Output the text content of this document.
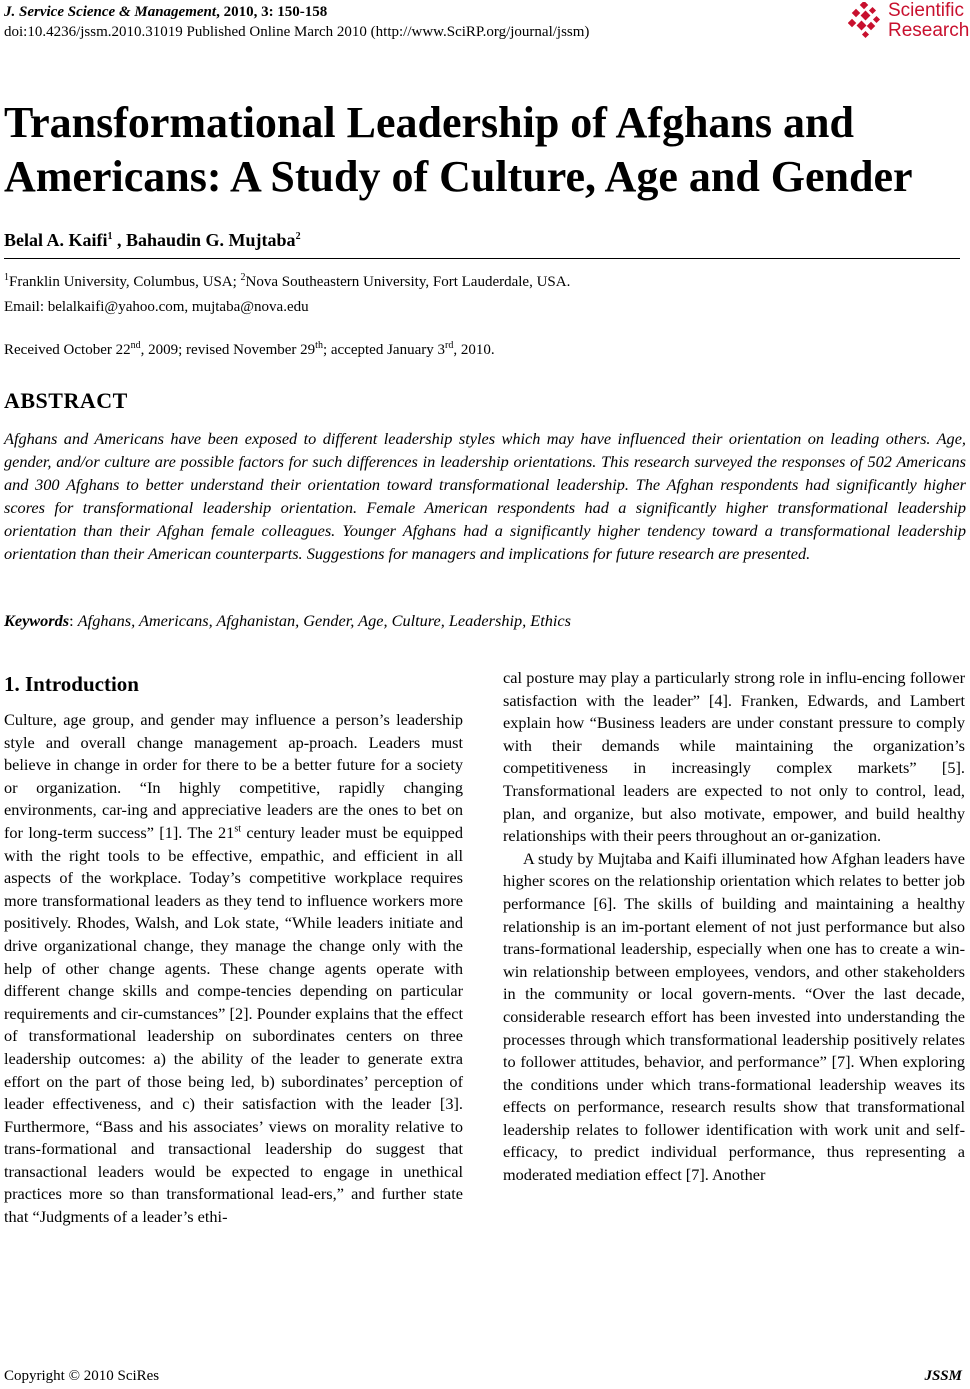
J. Service Science & Management, 2010, 3: 150-158
doi:10.4236/jssm.2010.31019 Published Online March 2010 (http://www.SciRP.org/journal/jssm)
Scientific
Research
Transformational Leadership of Afghans and Americans: A Study of Culture, Age and Gender
Belal A. Kaifi$^1$ , Bahaudin G. Mujtaba$^2$
$^1$Franklin University, Columbus, USA; $^2$Nova Southeastern University, Fort Lauderdale, USA.
Email: belalkaifi@yahoo.com, mujtaba@nova.edu
Received October 22nd, 2009; revised November 29th; accepted January 3rd, 2010.
ABSTRACT
Afghans and Americans have been exposed to different leadership styles which may have influenced their orientation on leading others. Age, gender, and/or culture are possible factors for such differences in leadership orientations. This research surveyed the responses of 502 Americans and 300 Afghans to better understand their orientation toward transformational leadership. The Afghan respondents had significantly higher scores for transformational leadership orientation. Female American respondents had a significantly higher transformational leadership orientation than their Afghan female colleagues. Younger Afghans had a significantly higher tendency toward a transformational leadership orientation than their American counterparts. Suggestions for managers and implications for future research are presented.
Keywords: Afghans, Americans, Afghanistan, Gender, Age, Culture, Leadership, Ethics
1. Introduction

Culture, age group, and gender may influence a person’s leadership style and overall change management ap-proach. Leaders must believe in change in order for there to be a better future for a society or organization. “In highly competitive, rapidly changing environments, car-ing and appreciative leaders are the ones to bet on for long-term success” [1]. The 21st century leader must be equipped with the right tools to be effective, empathic, and efficient in all aspects of the workplace. Today’s competitive workplace requires more transformational leaders as they tend to influence workers more positively. Rhodes, Walsh, and Lok state, “While leaders initiate and drive organizational change, they manage the change only with the help of other change agents. These change agents operate with different change skills and compe-tencies depending on particular requirements and cir-cumstances” [2]. Pounder explains that the effect of transformational leadership on subordinates centers on three leadership outcomes: a) the ability of the leader to generate extra effort on the part of those being led, b) subordinates’ perception of leader effectiveness, and c) their satisfaction with the leader [3]. Furthermore, “Bass and his associates’ views on morality relative to trans-formational and transactional leadership do suggest that transactional leaders would be expected to engage in unethical practices more so than transformational lead-ers,” and further state that “Judgments of a leader’s ethi-

cal posture may play a particularly strong role in influ-encing follower satisfaction with the leader” [4]. Franken, Edwards, and Lambert explain how “Business leaders are under constant pressure to comply with their demands while maintaining the organization’s competitiveness in increasingly complex markets” [5]. Transformational leaders are expected to not only to control, lead, plan, and organize, but also motivate, empower, and build healthy relationships with their peers throughout an or-ganization.

A study by Mujtaba and Kaifi illuminated how Afghan leaders have higher scores on the relationship orientation which relates to better job performance [6]. The skills of building and maintaining a healthy relationship is an im-portant element of not just performance but also trans-formational leadership, especially when one has to create a win-win relationship between employees, vendors, and other stakeholders in the community or local govern-ments. “Over the last decade, considerable research effort has been invested into understanding the processes through which transformational leadership positively relates to follower attitudes, behavior, and performance” [7]. When exploring the conditions under which trans-formational leadership weaves its effects on performance, research results show that transformational leadership relates to follower identification with work unit and self-efficacy, to predict individual performance, thus representing a moderated mediation effect [7]. Another

Copyright © 2010 SciRes	JSSM
